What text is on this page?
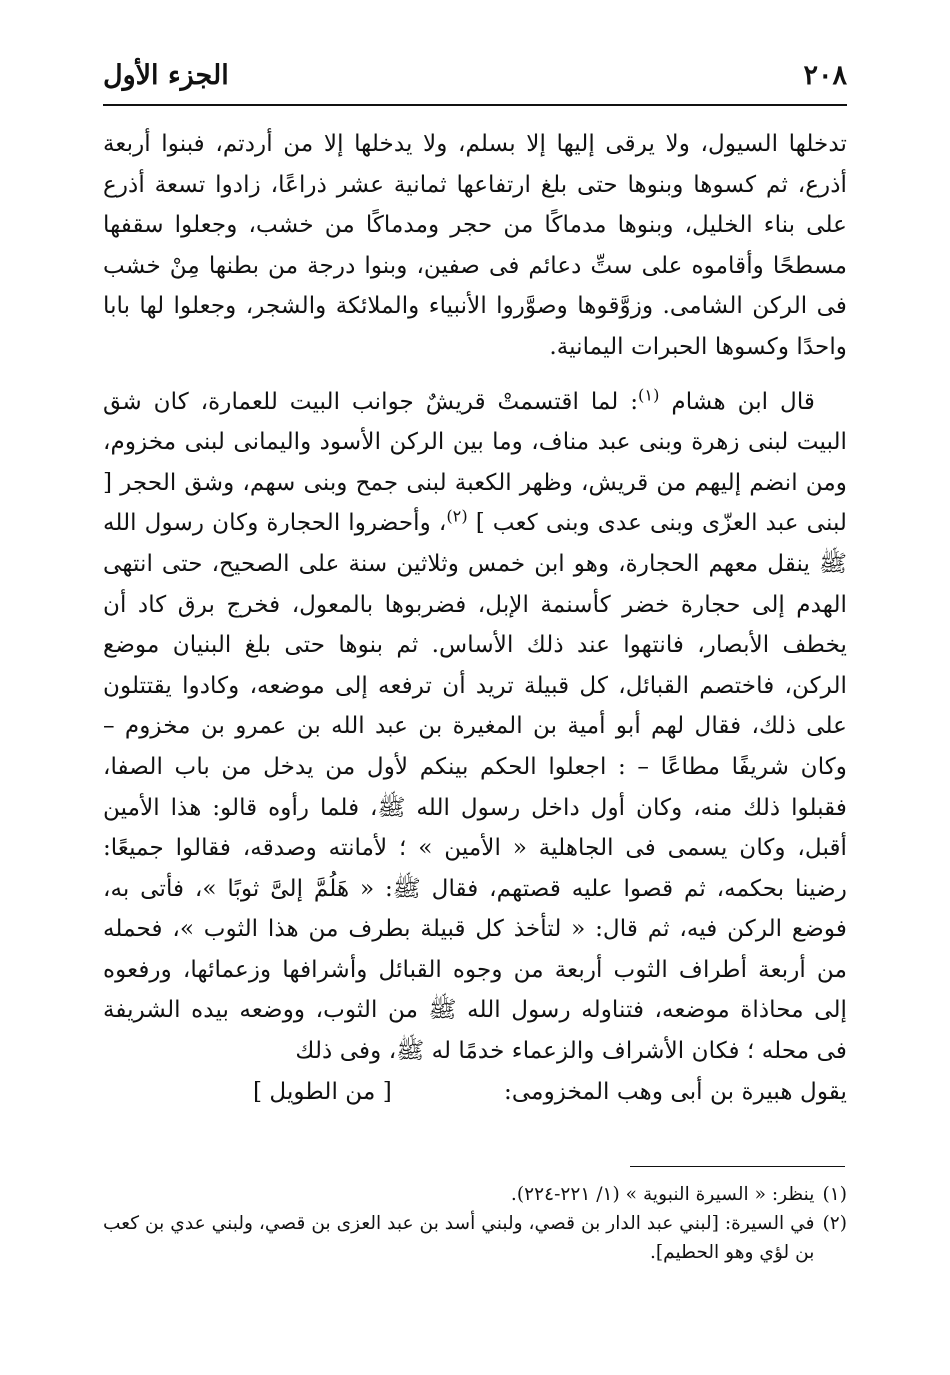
٢٠٨
الجزء الأول

تدخلها السيول، ولا يرقى إليها إلا بسلم، ولا يدخلها إلا من أردتم، فبنوا أربعة أذرع، ثم كسوها وبنوها حتى بلغ ارتفاعها ثمانية عشر ذراعًا، زادوا تسعة أذرع على بناء الخليل، وبنوها مدماكًا من حجر ومدماكًا من خشب، وجعلوا سقفها مسطحًا وأقاموه على ستِّ دعائم فى صفين، وبنوا درجة من بطنها مِنْ خشب فى الركن الشامى. وزوَّقوها وصوَّروا الأنبياء والملائكة والشجر، وجعلوا لها بابا واحدًا وكسوها الحبرات اليمانية.

قال ابن هشام $^{(١)}$: لما اقتسمتْ قريشٌ جوانب البيت للعمارة، كان شق البيت لبنى زهرة وبنى عبد مناف، وما بين الركن الأسود واليمانى لبنى مخزوم، ومن انضم إليهم من قريش، وظهر الكعبة لبنى جمح وبنى سهم، وشق الحجر [ لبنى عبد العزّى وبنى عدى وبنى كعب ] $^{(٢)}$، وأحضروا الحجارة وكان رسول الله ﷺ ينقل معهم الحجارة، وهو ابن خمس وثلاثين سنة على الصحيح، حتى انتهى الهدم إلى حجارة خضر كأسنمة الإبل، فضربوها بالمعول، فخرج برق كاد أن يخطف الأبصار، فانتهوا عند ذلك الأساس. ثم بنوها حتى بلغ البنيان موضع الركن، فاختصم القبائل، كل قبيلة تريد أن ترفعه إلى موضعه، وكادوا يقتتلون على ذلك، فقال لهم أبو أمية بن المغيرة بن عبد الله بن عمرو بن مخزوم – وكان شريفًا مطاعًا – : اجعلوا الحكم بينكم لأول من يدخل من باب الصفا، فقبلوا ذلك منه، وكان أول داخل رسول الله ﷺ، فلما رأوه قالو: هذا الأمين أقبل، وكان يسمى فى الجاهلية « الأمين » ؛ لأمانته وصدقه، فقالوا جميعًا: رضينا بحكمه، ثم قصوا عليه قصتهم، فقال ﷺ: « هَلُمَّ إلىَّ ثوبًا »، فأتى به، فوضع الركن فيه، ثم قال: « لتأخذ كل قبيلة بطرف من هذا الثوب »، فحمله من أربعة أطراف الثوب أربعة من وجوه القبائل وأشرافها وزعمائها، ورفعوه إلى محاذاة موضعه، فتناوله رسول الله ﷺ من الثوب، ووضعه بيده الشريفة فى محله ؛ فكان الأشراف والزعماء خدمًا له ﷺ، وفى ذلك

يقول هبيرة بن أبى وهب المخزومى:
[ من الطويل ]
(١)
ينظر: « السيرة النبوية » (١/ ٢٢١-٢٢٤).
(٢)
في السيرة: [لبني عبد الدار بن قصي، ولبني أسد بن عبد العزى بن قصي، ولبني عدي بن كعب بن لؤي وهو الحطيم].
